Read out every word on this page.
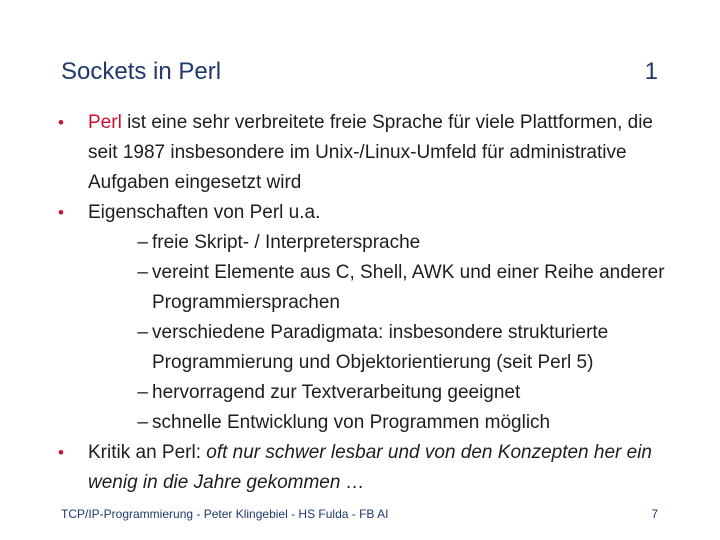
Sockets in Perl	1
• Perl ist eine sehr verbreitete freie Sprache für viele Plattformen, die seit 1987 insbesondere im Unix-/Linux-Umfeld für administrative Aufgaben eingesetzt wird
• Eigenschaften von Perl u.a.
– freie Skript- / Interpretersprache
– vereint Elemente aus C, Shell, AWK und einer Reihe anderer Programmiersprachen
– verschiedene Paradigmata: insbesondere strukturierte Programmierung und Objektorientierung (seit Perl 5)
– hervorragend zur Textverarbeitung geeignet
– schnelle Entwicklung von Programmen möglich
• Kritik an Perl: oft nur schwer lesbar und von den Konzepten her ein wenig in die Jahre gekommen …
TCP/IP-Programmierung - Peter Klingebiel - HS Fulda - FB AI	7
